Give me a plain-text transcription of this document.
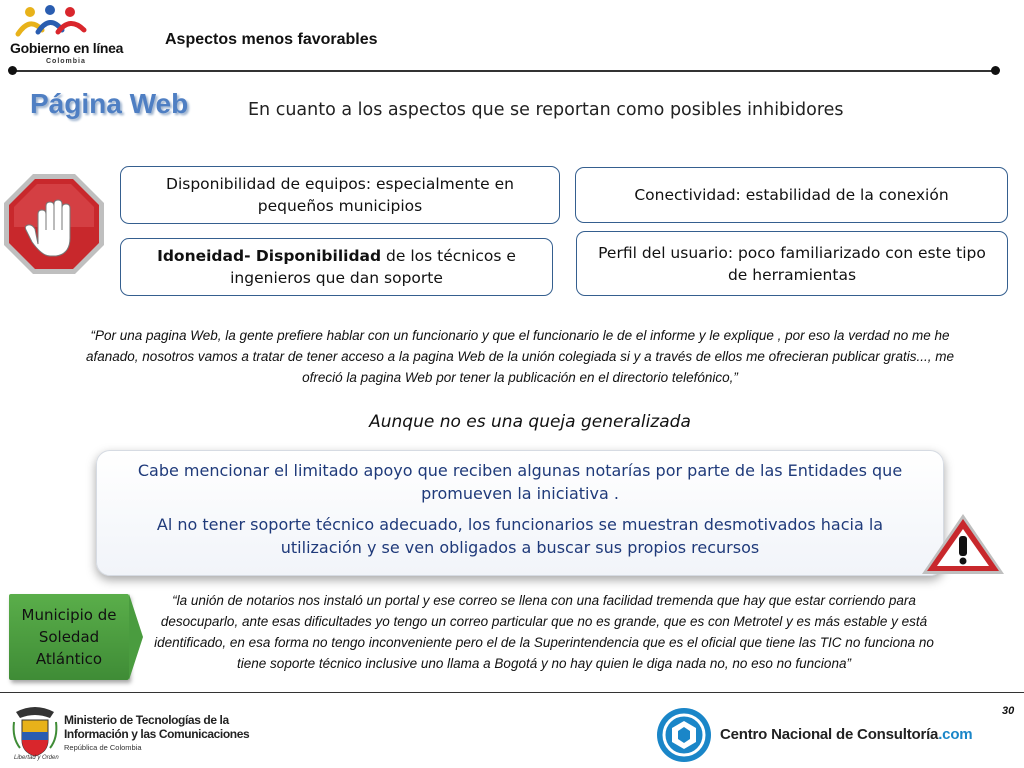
Gobierno en línea
Colombia
Aspectos menos favorables
Página Web	En cuanto a los aspectos que se reportan como posibles inhibidores
Disponibilidad de equipos: especialmente en pequeños municipios
Conectividad: estabilidad de la conexión
Idoneidad- Disponibilidad de los técnicos e ingenieros que dan soporte
Perfil del usuario: poco familiarizado con este tipo de herramientas
“Por una pagina Web, la gente prefiere hablar con un funcionario y que el funcionario le de el informe y le explique , por eso la verdad no me he afanado, nosotros vamos a tratar de tener acceso a la pagina Web de la unión colegiada si y a través de ellos me ofrecieran publicar gratis..., me ofreció la pagina Web por tener la publicación en el directorio telefónico,”
Aunque no es una queja generalizada

Cabe mencionar el limitado apoyo que reciben algunas notarías por parte de las Entidades que promueven la iniciativa .

Al no tener soporte técnico adecuado, los funcionarios se muestran desmotivados hacia la utilización y se ven obligados a buscar sus propios recursos

Municipio de Soledad Atlántico
“la unión de notarios nos instaló un portal y ese correo se llena con una facilidad tremenda que hay que estar corriendo para desocuparlo, ante esas dificultades yo tengo un correo particular que no es grande, que es con Metrotel y es más estable y está identificado, en esa forma no tengo inconveniente pero el de la Superintendencia que es el oficial que tiene las TIC no funciona no tiene soporte técnico inclusive uno llama a Bogotá y no hay quien le diga nada no, no eso no funciona”
30
Ministerio de Tecnologías de la
Información y las Comunicaciones
República de Colombia
Libertad y Orden
Centro Nacional de Consultoría.com
